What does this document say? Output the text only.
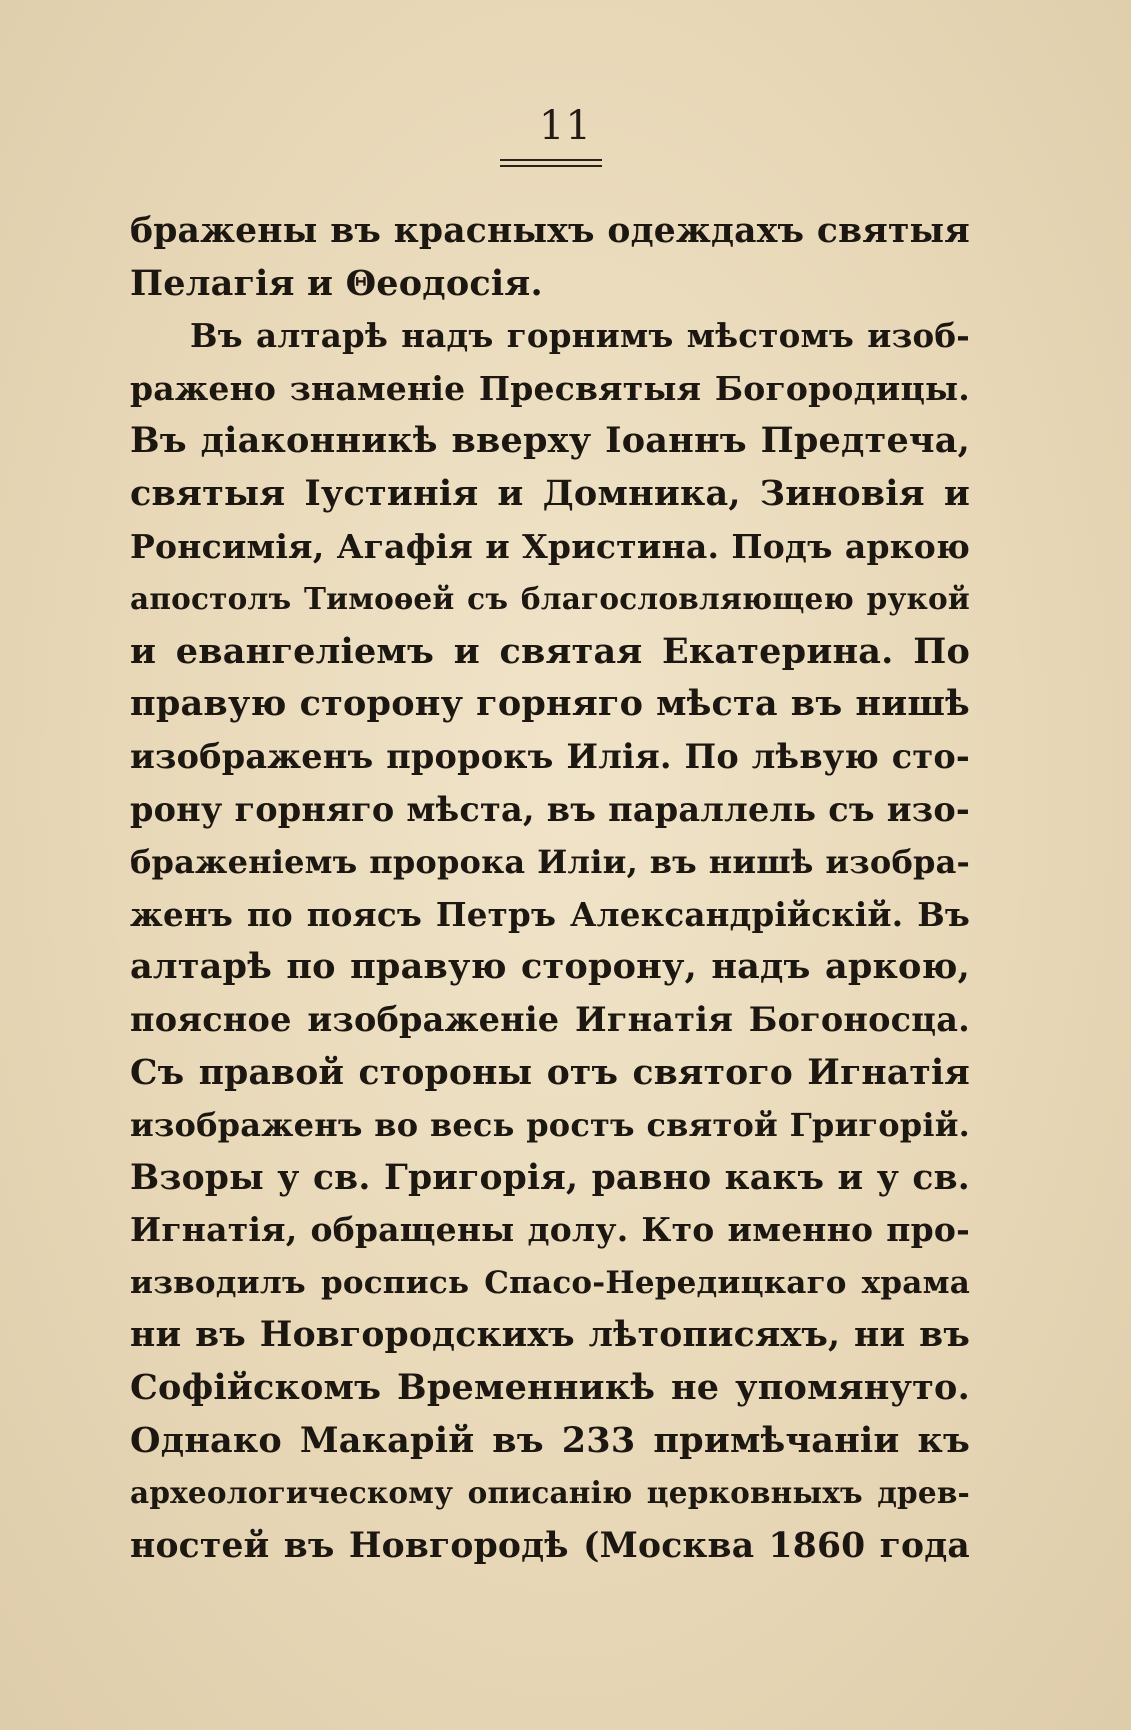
11
бражены въ красныхъ одеждахъ святыя
Пелагія и Θеодосія.
Въ алтарѣ надъ горнимъ мѣстомъ изоб-
ражено знаменіе Пресвятыя Богородицы.
Въ діаконникѣ вверху Іоаннъ Предтеча,
святыя Іустинія и Домника, Зиновія и
Ронсимія, Агафія и Христина. Подъ аркою
апостолъ Тимоѳей съ благословляющею рукой
и евангеліемъ и святая Екатерина. По
правую сторону горняго мѣста въ нишѣ
изображенъ пророкъ Илія. По лѣвую сто-
рону горняго мѣста, въ параллель съ изо-
браженіемъ пророка Иліи, въ нишѣ изобра-
женъ по поясъ Петръ Александрійскій. Въ
алтарѣ по правую сторону, надъ аркою,
поясное изображеніе Игнатія Богоносца.
Съ правой стороны отъ святого Игнатія
изображенъ во весь ростъ святой Григорій.
Взоры у св. Григорія, равно какъ и у св.
Игнатія, обращены долу. Кто именно про-
изводилъ роспись Спасо-Нередицкаго храма
ни въ Новгородскихъ лѣтописяхъ, ни въ
Софійскомъ Временникѣ не упомянуто.
Однако Макарій въ 233 примѣчаніи къ
археологическому описанію церковныхъ древ-
ностей въ Новгородѣ (Москва 1860 года
